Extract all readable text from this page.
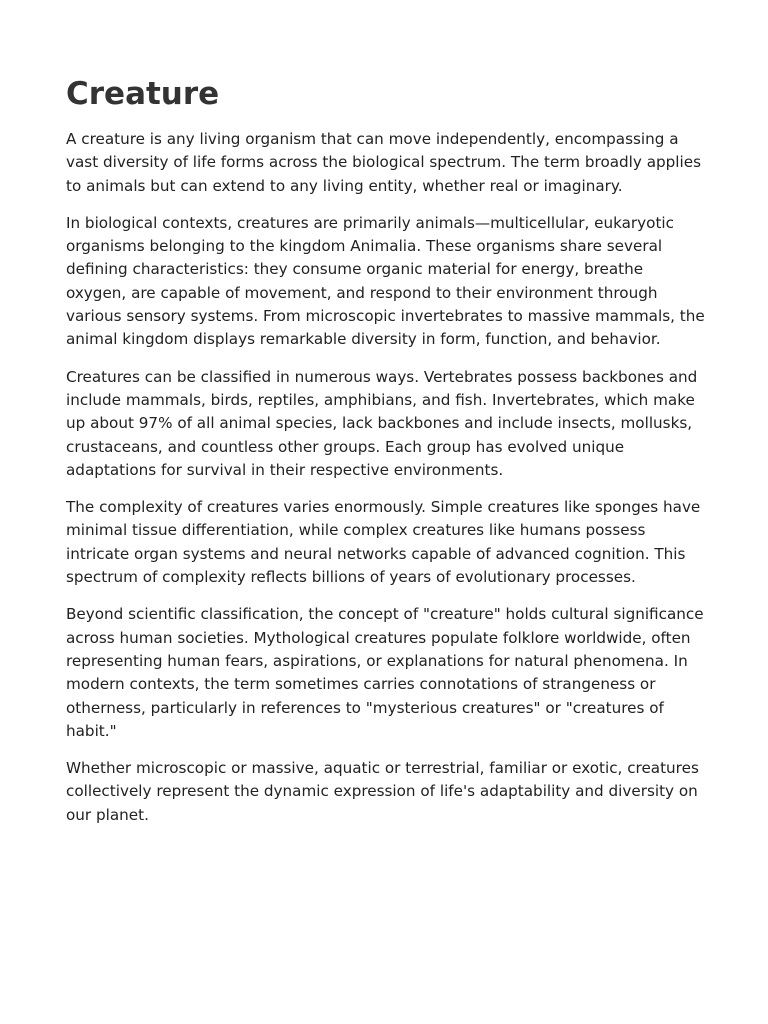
Creature

A creature is any living organism that can move independently, encompassing a vast diversity of life forms across the biological spectrum. The term broadly applies to animals but can extend to any living entity, whether real or imaginary.

In biological contexts, creatures are primarily animals—multicellular, eukaryotic organisms belonging to the kingdom Animalia. These organisms share several defining characteristics: they consume organic material for energy, breathe oxygen, are capable of movement, and respond to their environment through various sensory systems. From microscopic invertebrates to massive mammals, the animal kingdom displays remarkable diversity in form, function, and behavior.

Creatures can be classified in numerous ways. Vertebrates possess backbones and include mammals, birds, reptiles, amphibians, and fish. Invertebrates, which make up about 97% of all animal species, lack backbones and include insects, mollusks, crustaceans, and countless other groups. Each group has evolved unique adaptations for survival in their respective environments.

The complexity of creatures varies enormously. Simple creatures like sponges have minimal tissue differentiation, while complex creatures like humans possess intricate organ systems and neural networks capable of advanced cognition. This spectrum of complexity reflects billions of years of evolutionary processes.

Beyond scientific classification, the concept of "creature" holds cultural significance across human societies. Mythological creatures populate folklore worldwide, often representing human fears, aspirations, or explanations for natural phenomena. In modern contexts, the term sometimes carries connotations of strangeness or otherness, particularly in references to "mysterious creatures" or "creatures of habit."

Whether microscopic or massive, aquatic or terrestrial, familiar or exotic, creatures collectively represent the dynamic expression of life's adaptability and diversity on our planet.
